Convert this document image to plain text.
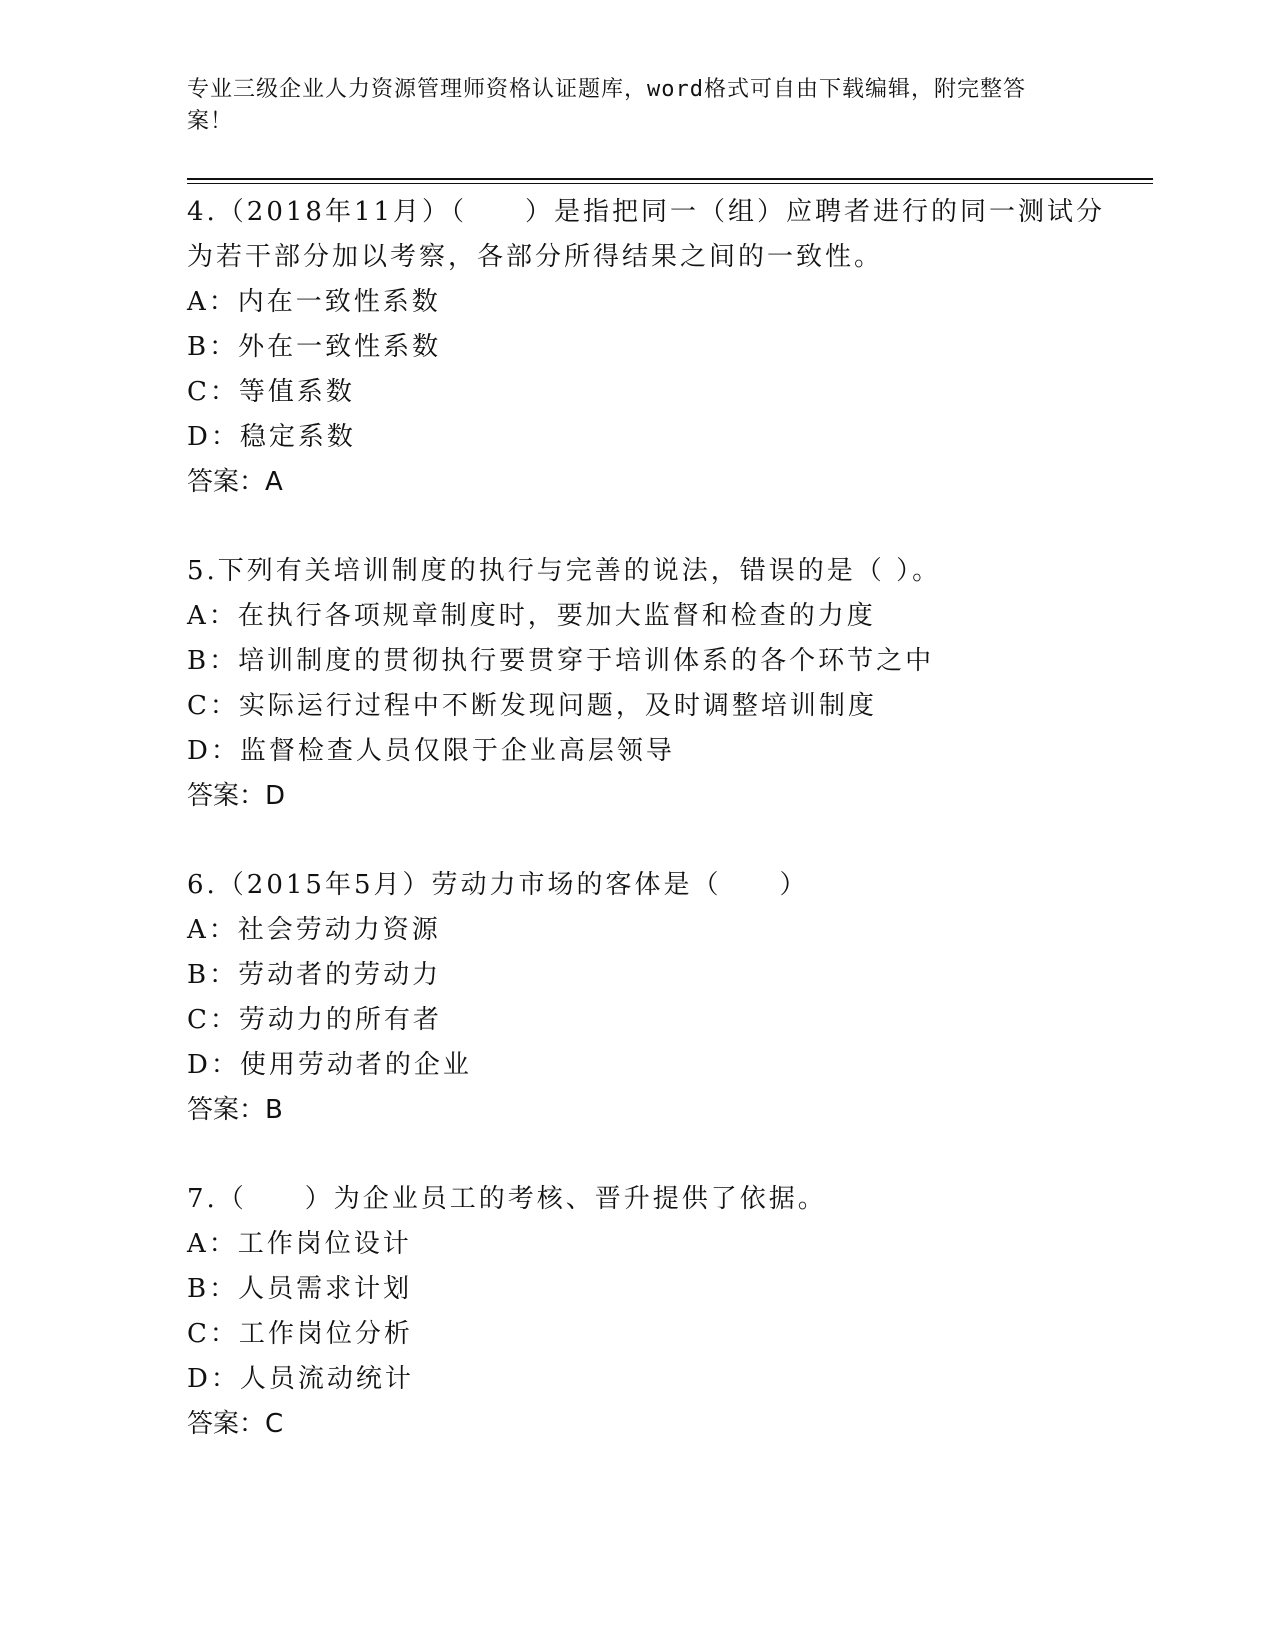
专业三级企业人力资源管理师资格认证题库，word格式可自由下载编辑，附完整答案！
4.（2018年11月）（　　）是指把同一（组）应聘者进行的同一测试分为若干部分加以考察，各部分所得结果之间的一致性。
A：内在一致性系数
B：外在一致性系数
C：等值系数
D：稳定系数
答案：A
5.下列有关培训制度的执行与完善的说法，错误的是（ ）。
A：在执行各项规章制度时，要加大监督和检查的力度
B：培训制度的贯彻执行要贯穿于培训体系的各个环节之中
C：实际运行过程中不断发现问题，及时调整培训制度
D：监督检查人员仅限于企业高层领导
答案：D
6.（2015年5月）劳动力市场的客体是（　　）
A：社会劳动力资源
B：劳动者的劳动力
C：劳动力的所有者
D：使用劳动者的企业
答案：B
7.（　　）为企业员工的考核、晋升提供了依据。
A：工作岗位设计
B：人员需求计划
C：工作岗位分析
D：人员流动统计
答案：C
